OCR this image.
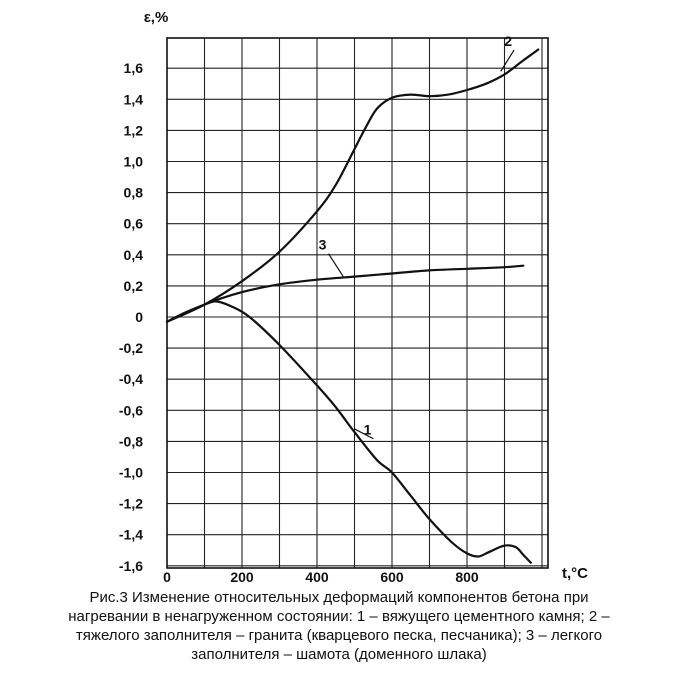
1,6
1,4
1,2
1,0
0,8
0,6
0,4
0,2
0
-0,2
-0,4
-0,6
-0,8
-1,0
-1,2
-1,4
-1,6
0	200	400	600	800
1
2
3
ε,%
t,°C
Рис.3 Изменение относительных деформаций компонентов бетона при
нагревании в ненагруженном состоянии: 1 – вяжущего цементного камня; 2 –
тяжелого заполнителя – гранита (кварцевого песка, песчаника); 3 – легкого
заполнителя – шамота (доменного шлака)
